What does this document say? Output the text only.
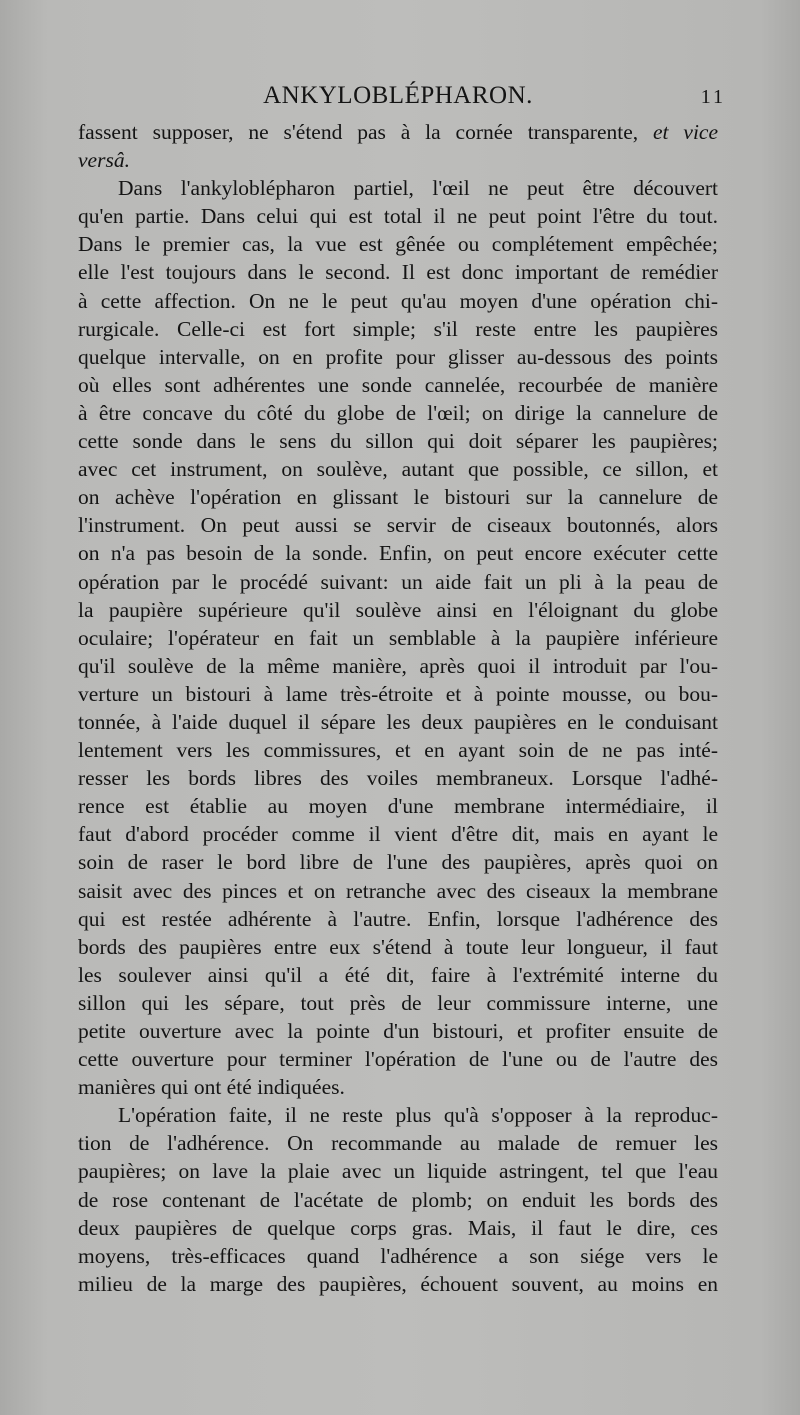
ANKYLOBLÉPHARON.	11

fassent supposer, ne s'étend pas à la cornée transparente, et vice
versâ.

Dans l'ankyloblépharon partiel, l'œil ne peut être découvert
qu'en partie. Dans celui qui est total il ne peut point l'être du tout.
Dans le premier cas, la vue est gênée ou complétement empêchée;
elle l'est toujours dans le second. Il est donc important de remédier
à cette affection. On ne le peut qu'au moyen d'une opération chi-
rurgicale. Celle-ci est fort simple; s'il reste entre les paupières
quelque intervalle, on en profite pour glisser au-dessous des points
où elles sont adhérentes une sonde cannelée, recourbée de manière
à être concave du côté du globe de l'œil; on dirige la cannelure de
cette sonde dans le sens du sillon qui doit séparer les paupières;
avec cet instrument, on soulève, autant que possible, ce sillon, et
on achève l'opération en glissant le bistouri sur la cannelure de
l'instrument. On peut aussi se servir de ciseaux boutonnés, alors
on n'a pas besoin de la sonde. Enfin, on peut encore exécuter cette
opération par le procédé suivant: un aide fait un pli à la peau de
la paupière supérieure qu'il soulève ainsi en l'éloignant du globe
oculaire; l'opérateur en fait un semblable à la paupière inférieure
qu'il soulève de la même manière, après quoi il introduit par l'ou-
verture un bistouri à lame très-étroite et à pointe mousse, ou bou-
tonnée, à l'aide duquel il sépare les deux paupières en le conduisant
lentement vers les commissures, et en ayant soin de ne pas inté-
resser les bords libres des voiles membraneux. Lorsque l'adhé-
rence est établie au moyen d'une membrane intermédiaire, il
faut d'abord procéder comme il vient d'être dit, mais en ayant le
soin de raser le bord libre de l'une des paupières, après quoi on
saisit avec des pinces et on retranche avec des ciseaux la membrane
qui est restée adhérente à l'autre. Enfin, lorsque l'adhérence des
bords des paupières entre eux s'étend à toute leur longueur, il faut
les soulever ainsi qu'il a été dit, faire à l'extrémité interne du
sillon qui les sépare, tout près de leur commissure interne, une
petite ouverture avec la pointe d'un bistouri, et profiter ensuite de
cette ouverture pour terminer l'opération de l'une ou de l'autre des
manières qui ont été indiquées.

L'opération faite, il ne reste plus qu'à s'opposer à la reproduc-
tion de l'adhérence. On recommande au malade de remuer les
paupières; on lave la plaie avec un liquide astringent, tel que l'eau
de rose contenant de l'acétate de plomb; on enduit les bords des
deux paupières de quelque corps gras. Mais, il faut le dire, ces
moyens, très-efficaces quand l'adhérence a son siége vers le
milieu de la marge des paupières, échouent souvent, au moins en
